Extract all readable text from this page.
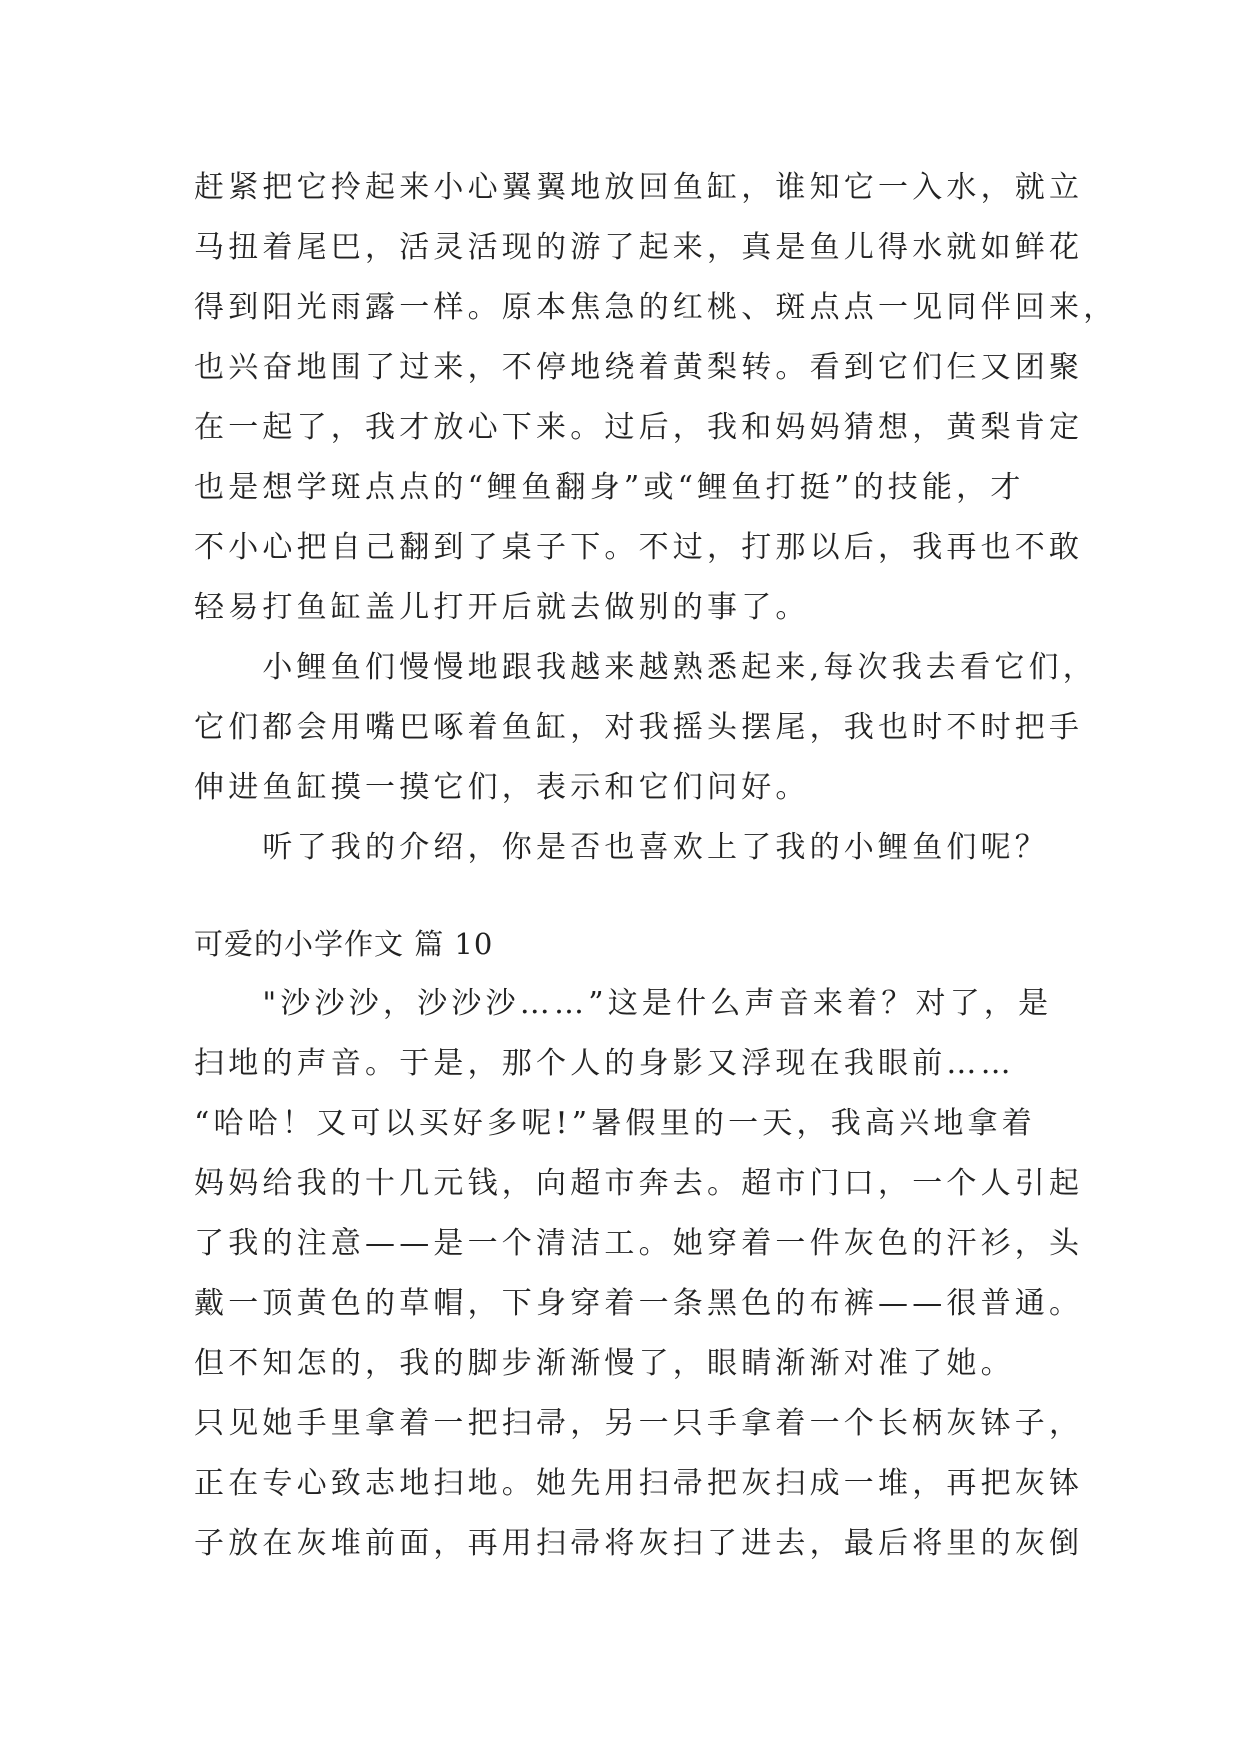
赶紧把它拎起来小心翼翼地放回鱼缸，谁知它一入水，就立
马扭着尾巴，活灵活现的游了起来，真是鱼儿得水就如鲜花
得到阳光雨露一样。原本焦急的红桃、斑点点一见同伴回来，
也兴奋地围了过来，不停地绕着黄梨转。看到它们仨又团聚
在一起了，我才放心下来。过后，我和妈妈猜想，黄梨肯定
也是想学斑点点的“鲤鱼翻身”或“鲤鱼打挺”的技能，才
不小心把自己翻到了桌子下。不过，打那以后，我再也不敢
轻易打鱼缸盖儿打开后就去做别的事了。
　　小鲤鱼们慢慢地跟我越来越熟悉起来,每次我去看它们，
它们都会用嘴巴啄着鱼缸，对我摇头摆尾，我也时不时把手
伸进鱼缸摸一摸它们，表示和它们问好。
　　听了我的介绍，你是否也喜欢上了我的小鲤鱼们呢？
可爱的小学作文 篇 10
　　"沙沙沙，沙沙沙……”这是什么声音来着？对了，是
扫地的声音。于是，那个人的身影又浮现在我眼前……
“哈哈！又可以买好多呢!”暑假里的一天，我高兴地拿着
妈妈给我的十几元钱，向超市奔去。超市门口，一个人引起
了我的注意——是一个清洁工。她穿着一件灰色的汗衫，头
戴一顶黄色的草帽，下身穿着一条黑色的布裤——很普通。
但不知怎的，我的脚步渐渐慢了，眼睛渐渐对准了她。
只见她手里拿着一把扫帚，另一只手拿着一个长柄灰钵子，
正在专心致志地扫地。她先用扫帚把灰扫成一堆，再把灰钵
子放在灰堆前面，再用扫帚将灰扫了进去，最后将里的灰倒
